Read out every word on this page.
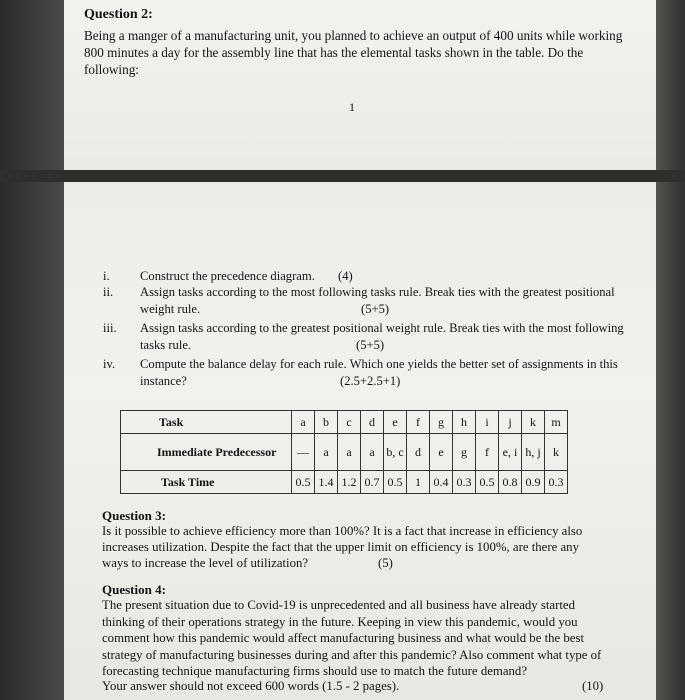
Question 2:
Being a manger of a manufacturing unit, you planned to achieve an output of 400 units while working 800 minutes a day for the assembly line that has the elemental tasks shown in the table. Do the following:
1
i.	Construct the precedence diagram.	(4)
ii.	Assign tasks according to the most following tasks rule. Break ties with the greatest positional weight rule.	(5+5)
iii.	Assign tasks according to the greatest positional weight rule. Break ties with the most following tasks rule.	(5+5)
iv.	Compute the balance delay for each rule. Which one yields the better set of assignments in this instance?	(2.5+2.5+1)
Task	a	b	c	d	e	f	g	h	i	j	k	m
Immediate Predecessor	—	a	a	a	b, c	d	e	g	f	e, i	h, j	k
Task Time	0.5	1.4	1.2	0.7	0.5	1	0.4	0.3	0.5	0.8	0.9	0.3
Question 3:
Is it possible to achieve efficiency more than 100%? It is a fact that increase in efficiency also increases utilization. Despite the fact that the upper limit on efficiency is 100%, are there any ways to increase the level of utilization?	(5)
Question 4:
The present situation due to Covid-19 is unprecedented and all business have already started thinking of their operations strategy in the future. Keeping in view this pandemic, would you comment how this pandemic would affect manufacturing business and what would be the best strategy of manufacturing businesses during and after this pandemic? Also comment what type of forecasting technique manufacturing firms should use to match the future demand?
Your answer should not exceed 600 words (1.5 - 2 pages).	(10)
